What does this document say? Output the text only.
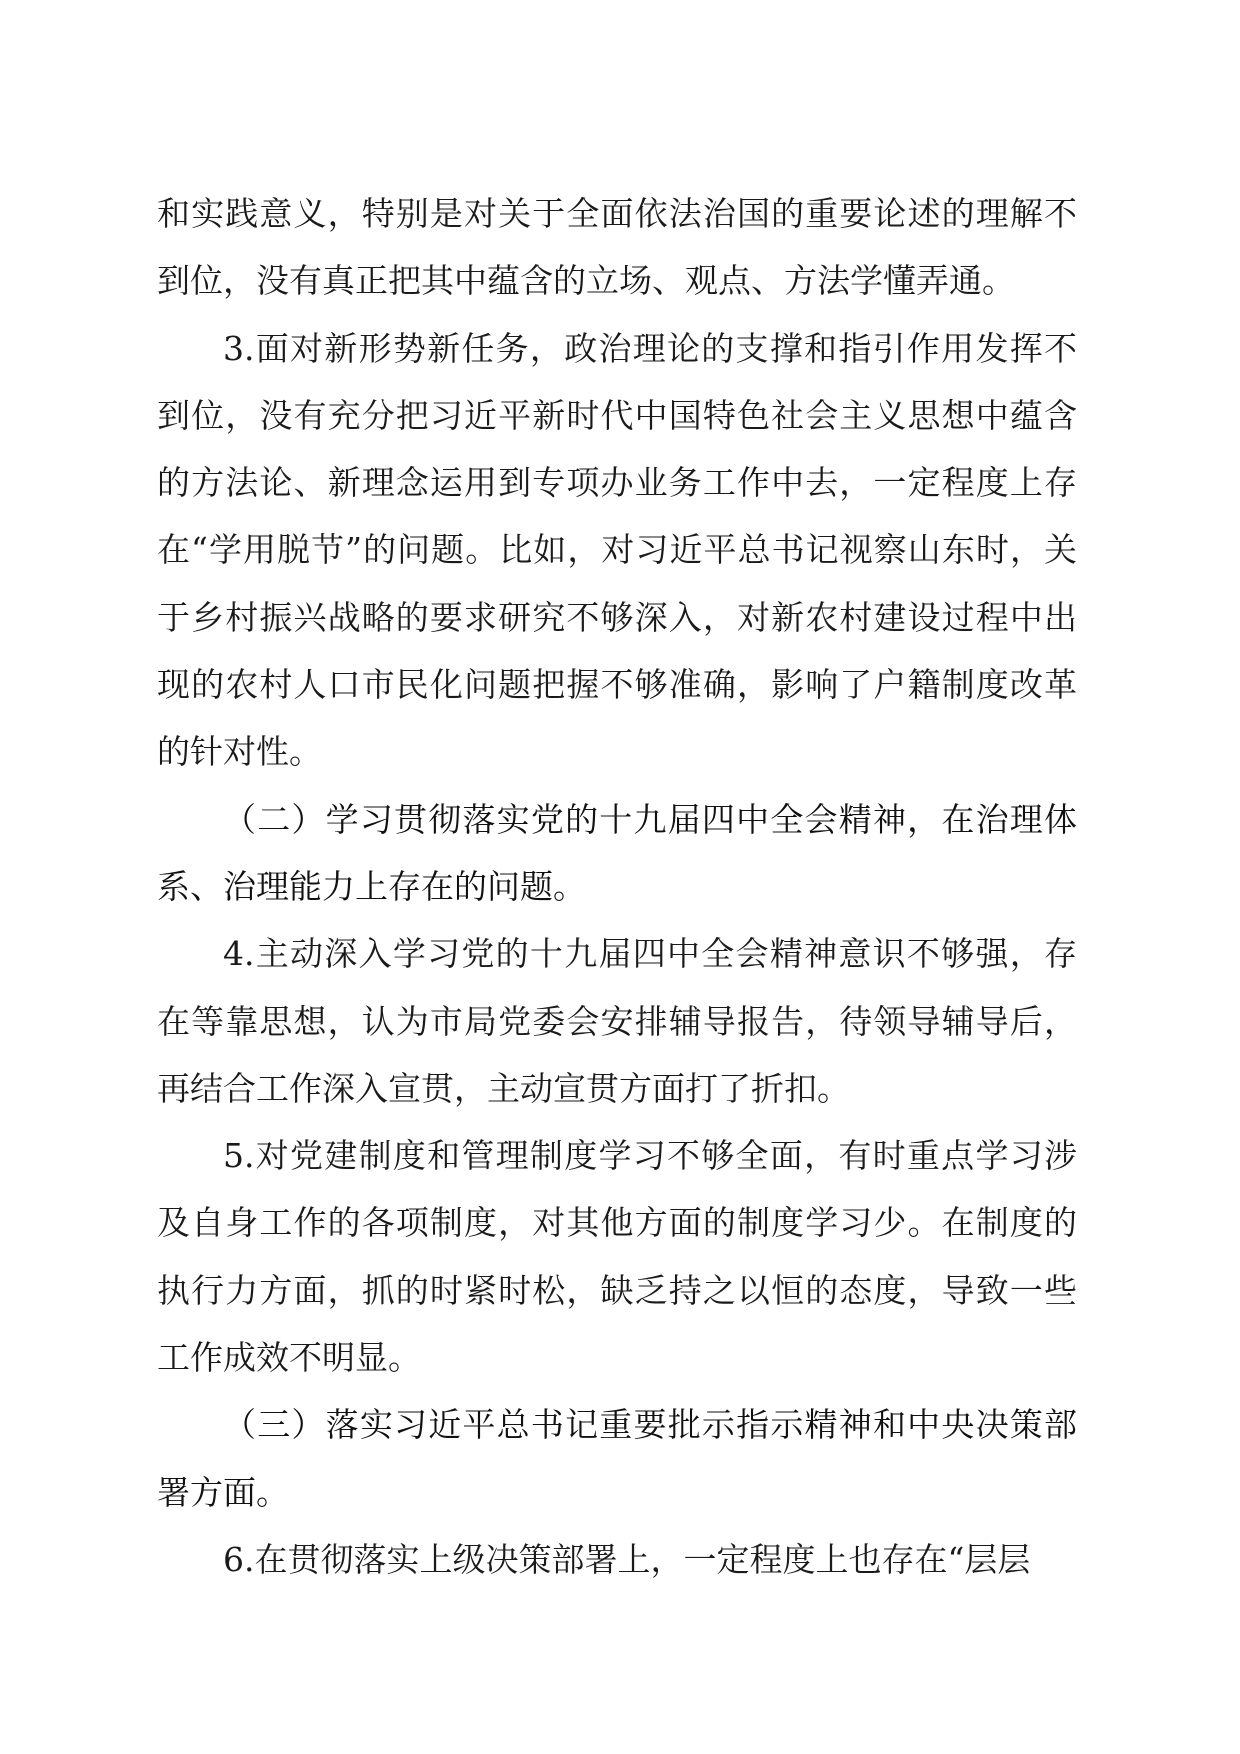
和实践意义，特别是对关于全面依法治国的重要论述的理解不到位，没有真正把其中蕴含的立场、观点、方法学懂弄通。

3.面对新形势新任务，政治理论的支撑和指引作用发挥不到位，没有充分把习近平新时代中国特色社会主义思想中蕴含的方法论、新理念运用到专项办业务工作中去，一定程度上存在“学用脱节”的问题。比如，对习近平总书记视察山东时，关于乡村振兴战略的要求研究不够深入，对新农村建设过程中出现的农村人口市民化问题把握不够准确，影响了户籍制度改革的针对性。

（二）学习贯彻落实党的十九届四中全会精神，在治理体系、治理能力上存在的问题。

4.主动深入学习党的十九届四中全会精神意识不够强，存在等靠思想，认为市局党委会安排辅导报告，待领导辅导后，再结合工作深入宣贯，主动宣贯方面打了折扣。

5.对党建制度和管理制度学习不够全面，有时重点学习涉及自身工作的各项制度，对其他方面的制度学习少。在制度的执行力方面，抓的时紧时松，缺乏持之以恒的态度，导致一些工作成效不明显。

（三）落实习近平总书记重要批示指示精神和中央决策部署方面。

6.在贯彻落实上级决策部署上，一定程度上也存在“层层
